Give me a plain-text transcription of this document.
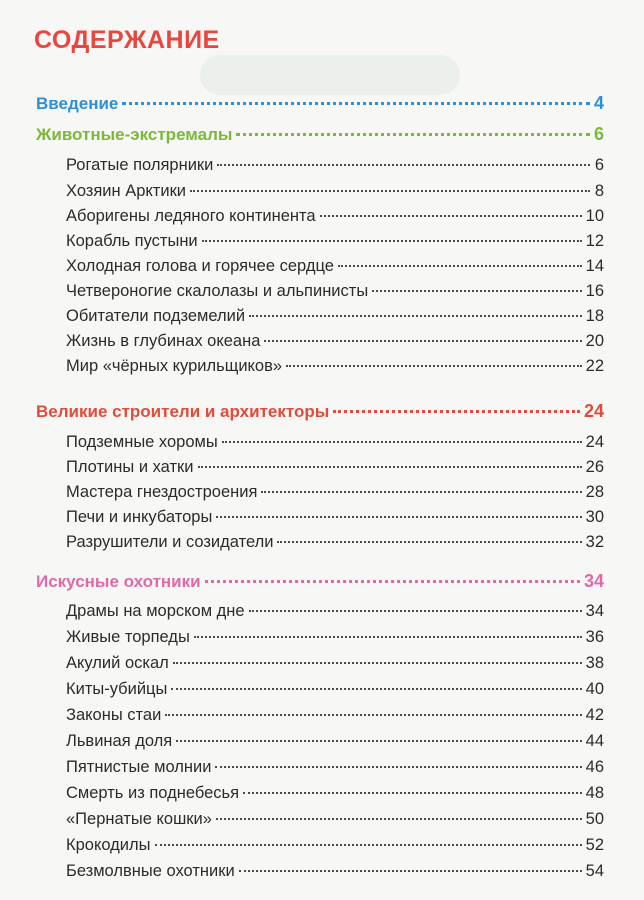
СОДЕРЖАНИЕ
Введение	4
Животные-экстремалы	6
Рогатые полярники	6
Хозяин Арктики	8
Аборигены ледяного континента	10
Корабль пустыни	12
Холодная голова и горячее сердце	14
Четвероногие скалолазы и альпинисты	16
Обитатели подземелий	18
Жизнь в глубинах океана	20
Мир «чёрных курильщиков»	22
Великие строители и архитекторы	24
Подземные хоромы	24
Плотины и хатки	26
Мастера гнездостроения	28
Печи и инкубаторы	30
Разрушители и созидатели	32
Искусные охотники	34
Драмы на морском дне	34
Живые торпеды	36
Акулий оскал	38
Киты-убийцы	40
Законы стаи	42
Львиная доля	44
Пятнистые молнии	46
Смерть из поднебесья	48
«Пернатые кошки»	50
Крокодилы	52
Безмолвные охотники	54
